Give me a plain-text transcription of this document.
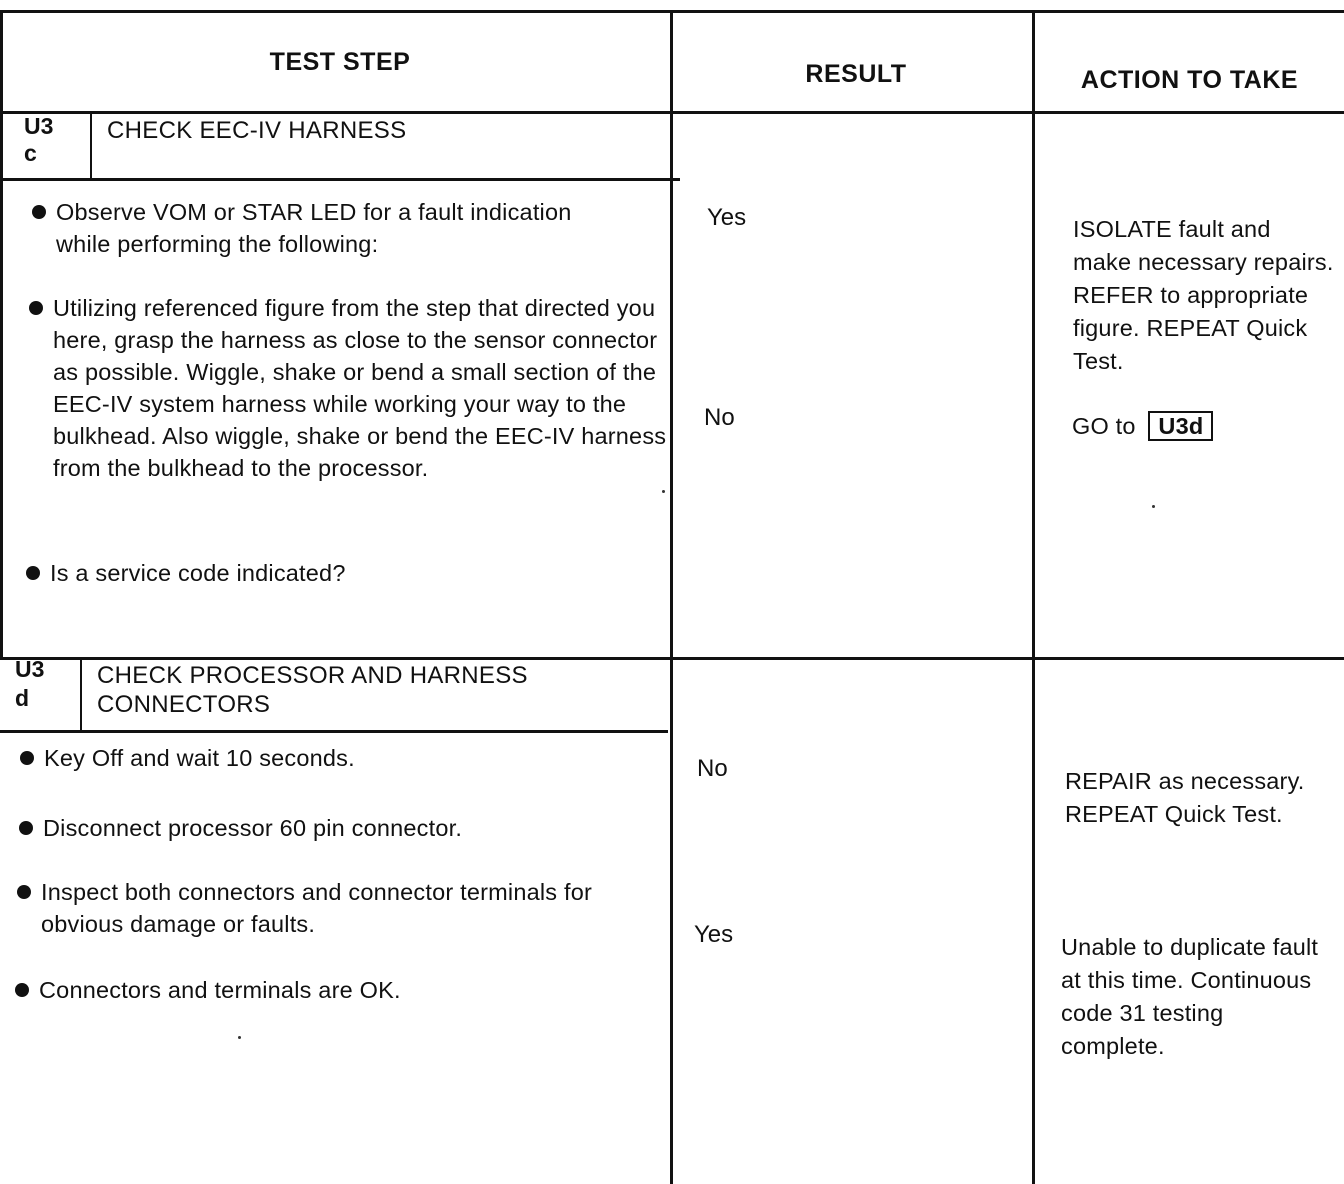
TEST STEP	RESULT	ACTION TO TAKE
U3
c
CHECK EEC-IV HARNESS
Observe VOM or STAR LED for a fault indication while performing the following:
Utilizing referenced figure from the step that directed you here, grasp the harness as close to the sensor connector as possible. Wiggle, shake or bend a small section of the EEC-IV system harness while working your way to the bulkhead. Also wiggle, shake or bend the EEC-IV harness from the bulkhead to the processor.
Is a service code indicated?
Yes
No
ISOLATE fault and make necessary repairs. REFER to appropriate figure. REPEAT Quick Test.
GO to U3d
U3
d
CHECK PROCESSOR AND HARNESS CONNECTORS
Key Off and wait 10 seconds.
Disconnect processor 60 pin connector.
Inspect both connectors and connector terminals for obvious damage or faults.
Connectors and terminals are OK.
No
Yes
REPAIR as necessary. REPEAT Quick Test.
Unable to duplicate fault at this time. Continuous code 31 testing complete.
